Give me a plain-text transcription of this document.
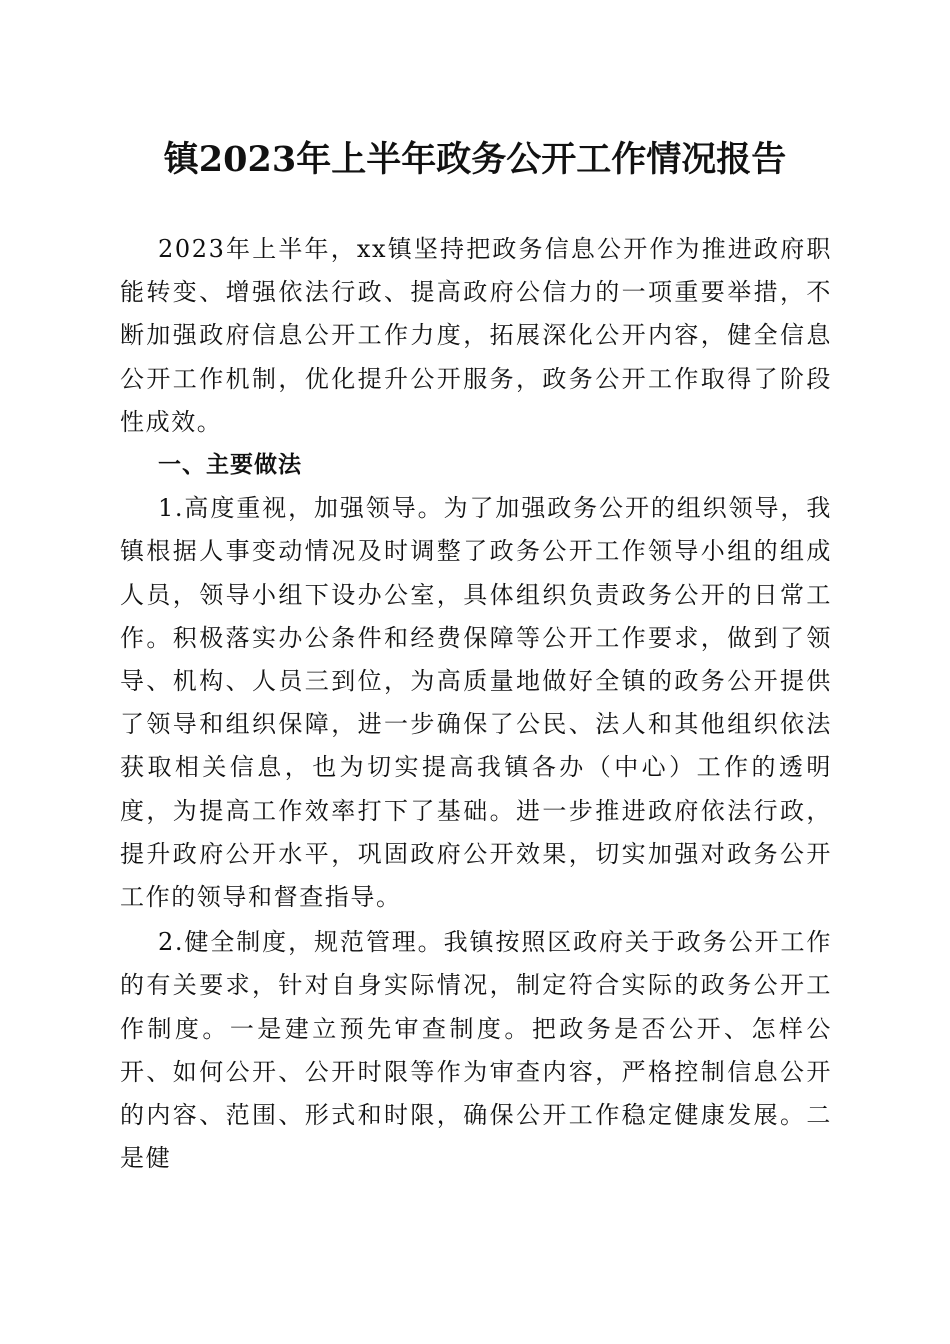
镇2023年上半年政务公开工作情况报告

2023年上半年，xx镇坚持把政务信息公开作为推进政府职能转变、增强依法行政、提高政府公信力的一项重要举措，不断加强政府信息公开工作力度，拓展深化公开内容，健全信息公开工作机制，优化提升公开服务，政务公开工作取得了阶段性成效。

一、主要做法

1.高度重视，加强领导。为了加强政务公开的组织领导，我镇根据人事变动情况及时调整了政务公开工作领导小组的组成人员，领导小组下设办公室，具体组织负责政务公开的日常工作。积极落实办公条件和经费保障等公开工作要求，做到了领导、机构、人员三到位，为高质量地做好全镇的政务公开提供了领导和组织保障，进一步确保了公民、法人和其他组织依法获取相关信息，也为切实提高我镇各办（中心）工作的透明度，为提高工作效率打下了基础。进一步推进政府依法行政，提升政府公开水平，巩固政府公开效果，切实加强对政务公开工作的领导和督查指导。

2.健全制度，规范管理。我镇按照区政府关于政务公开工作的有关要求，针对自身实际情况，制定符合实际的政务公开工作制度。一是建立预先审查制度。把政务是否公开、怎样公开、如何公开、公开时限等作为审查内容，严格控制信息公开的内容、范围、形式和时限，确保公开工作稳定健康发展。二是健
